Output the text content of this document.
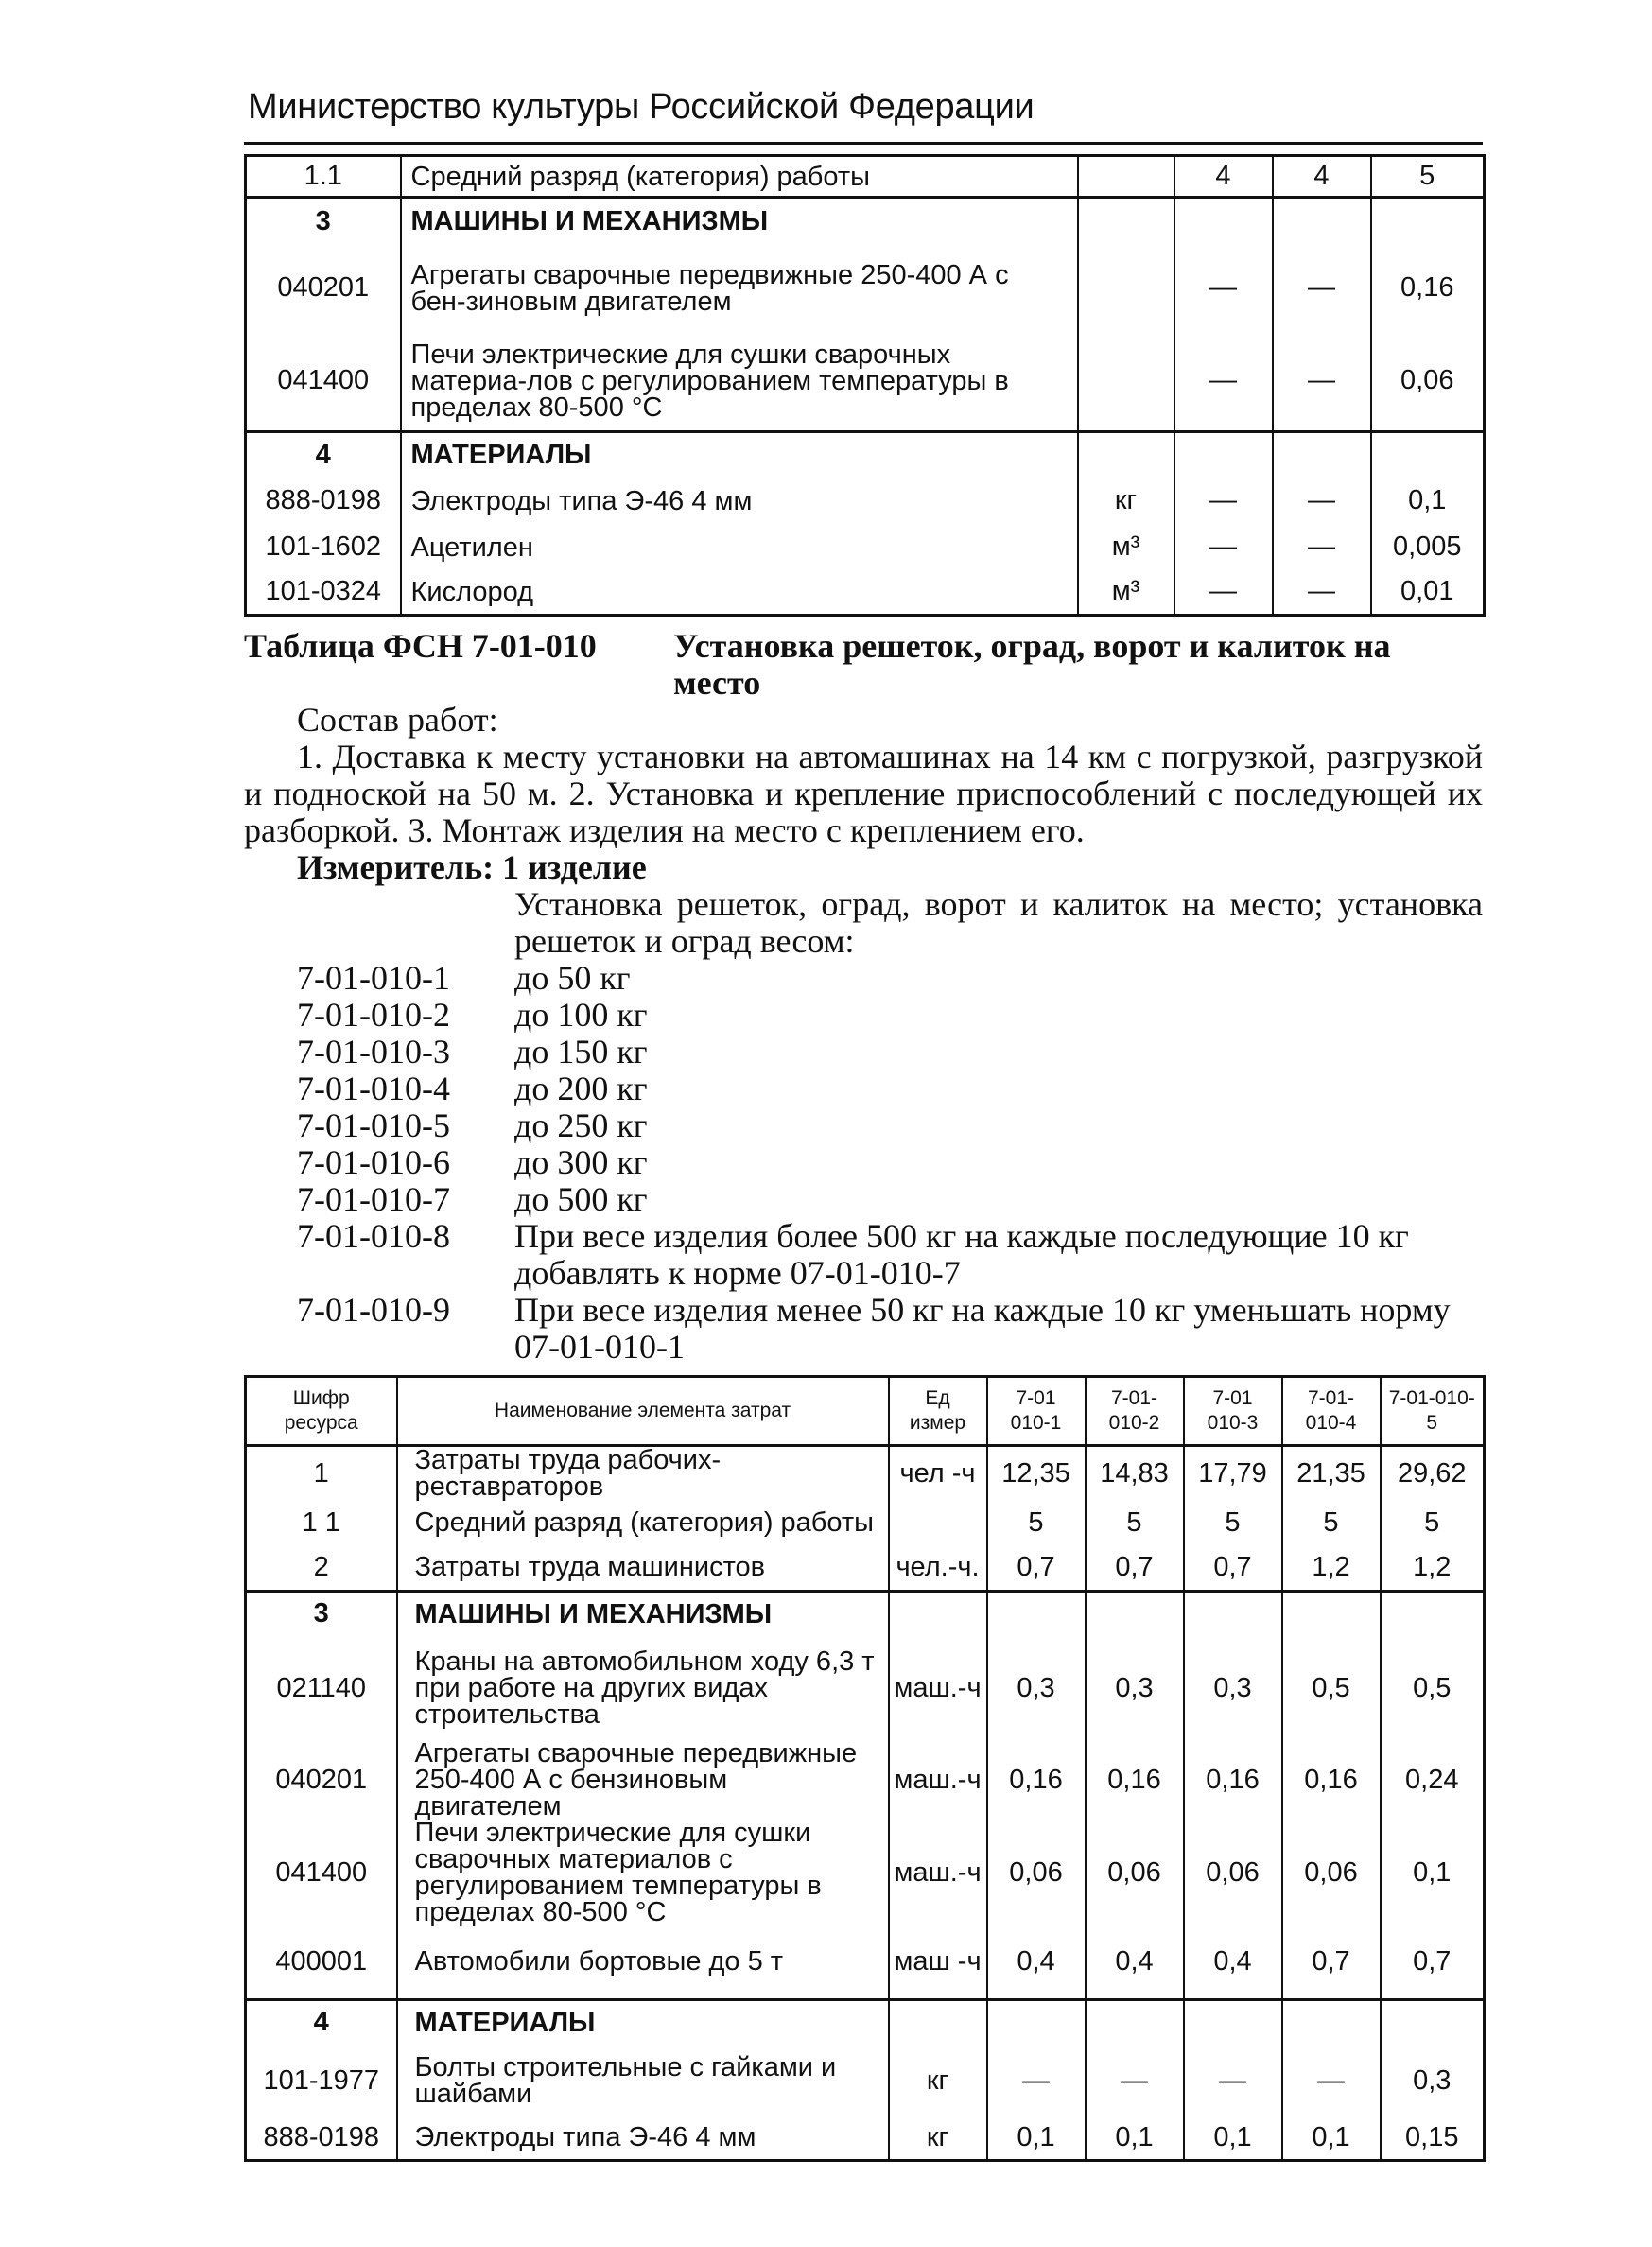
Министерство культуры Российской Федерации
1.1	Средний разряд (категория) работы		4	4	5
3	МАШИНЫ И МЕХАНИЗМЫ				
040201	Агрегаты сварочные передвижные 250-400 А с бен-зиновым двигателем		—	—	0,16
041400	Печи электрические для сушки сварочных материа-лов с регулированием температуры в пределах 80-500 °С		—	—	0,06
4	МАТЕРИАЛЫ				
888-0198	Электроды типа Э-46 4 мм	кг	—	—	0,1
101-1602	Ацетилен	м³	—	—	0,005
101-0324	Кислород	м³	—	—	0,01
Таблица ФСН 7-01-010	Установка решеток, оград, ворот и калиток на место
Состав работ:
1. Доставка к месту установки на автомашинах на 14 км с погрузкой, разгрузкой и подноской на 50 м. 2. Установка и крепление приспособлений с последующей их разборкой. 3. Монтаж изделия на место с креплением его.
Измеритель: 1 изделие
Установка решеток, оград, ворот и калиток на место; установка решеток и оград весом:
7-01-010-1	до 50 кг
7-01-010-2	до 100 кг
7-01-010-3	до 150 кг
7-01-010-4	до 200 кг
7-01-010-5	до 250 кг
7-01-010-6	до 300 кг
7-01-010-7	до 500 кг
7-01-010-8	При весе изделия более 500 кг на каждые последующие 10 кг добавлять к норме 07-01-010-7
7-01-010-9	При весе изделия менее 50 кг на каждые 10 кг уменьшать норму 07-01-010-1
Шифр ресурса	Наименование элемента затрат	Ед измер	7-01 010-1	7-01-010-2	7-01 010-3	7-01-010-4	7-01-010-5
1	Затраты труда рабочих-реставраторов	чел -ч	12,35	14,83	17,79	21,35	29,62
1 1	Средний разряд (категория) работы		5	5	5	5	5
2	Затраты труда машинистов	чел.-ч.	0,7	0,7	0,7	1,2	1,2
3	МАШИНЫ И МЕХАНИЗМЫ						
021140	Краны на автомобильном ходу 6,3 т при работе на других видах строительства	маш.-ч	0,3	0,3	0,3	0,5	0,5
040201	Агрегаты сварочные передвижные 250-400 А с бензиновым двигателем	маш.-ч	0,16	0,16	0,16	0,16	0,24
041400	Печи электрические для сушки сварочных материалов с регулированием температуры в пределах 80-500 °С	маш.-ч	0,06	0,06	0,06	0,06	0,1
400001	Автомобили бортовые до 5 т	маш -ч	0,4	0,4	0,4	0,7	0,7
4	МАТЕРИАЛЫ						
101-1977	Болты строительные с гайками и шайбами	кг	—	—	—	—	0,3
888-0198	Электроды типа Э-46 4 мм	кг	0,1	0,1	0,1	0,1	0,15
